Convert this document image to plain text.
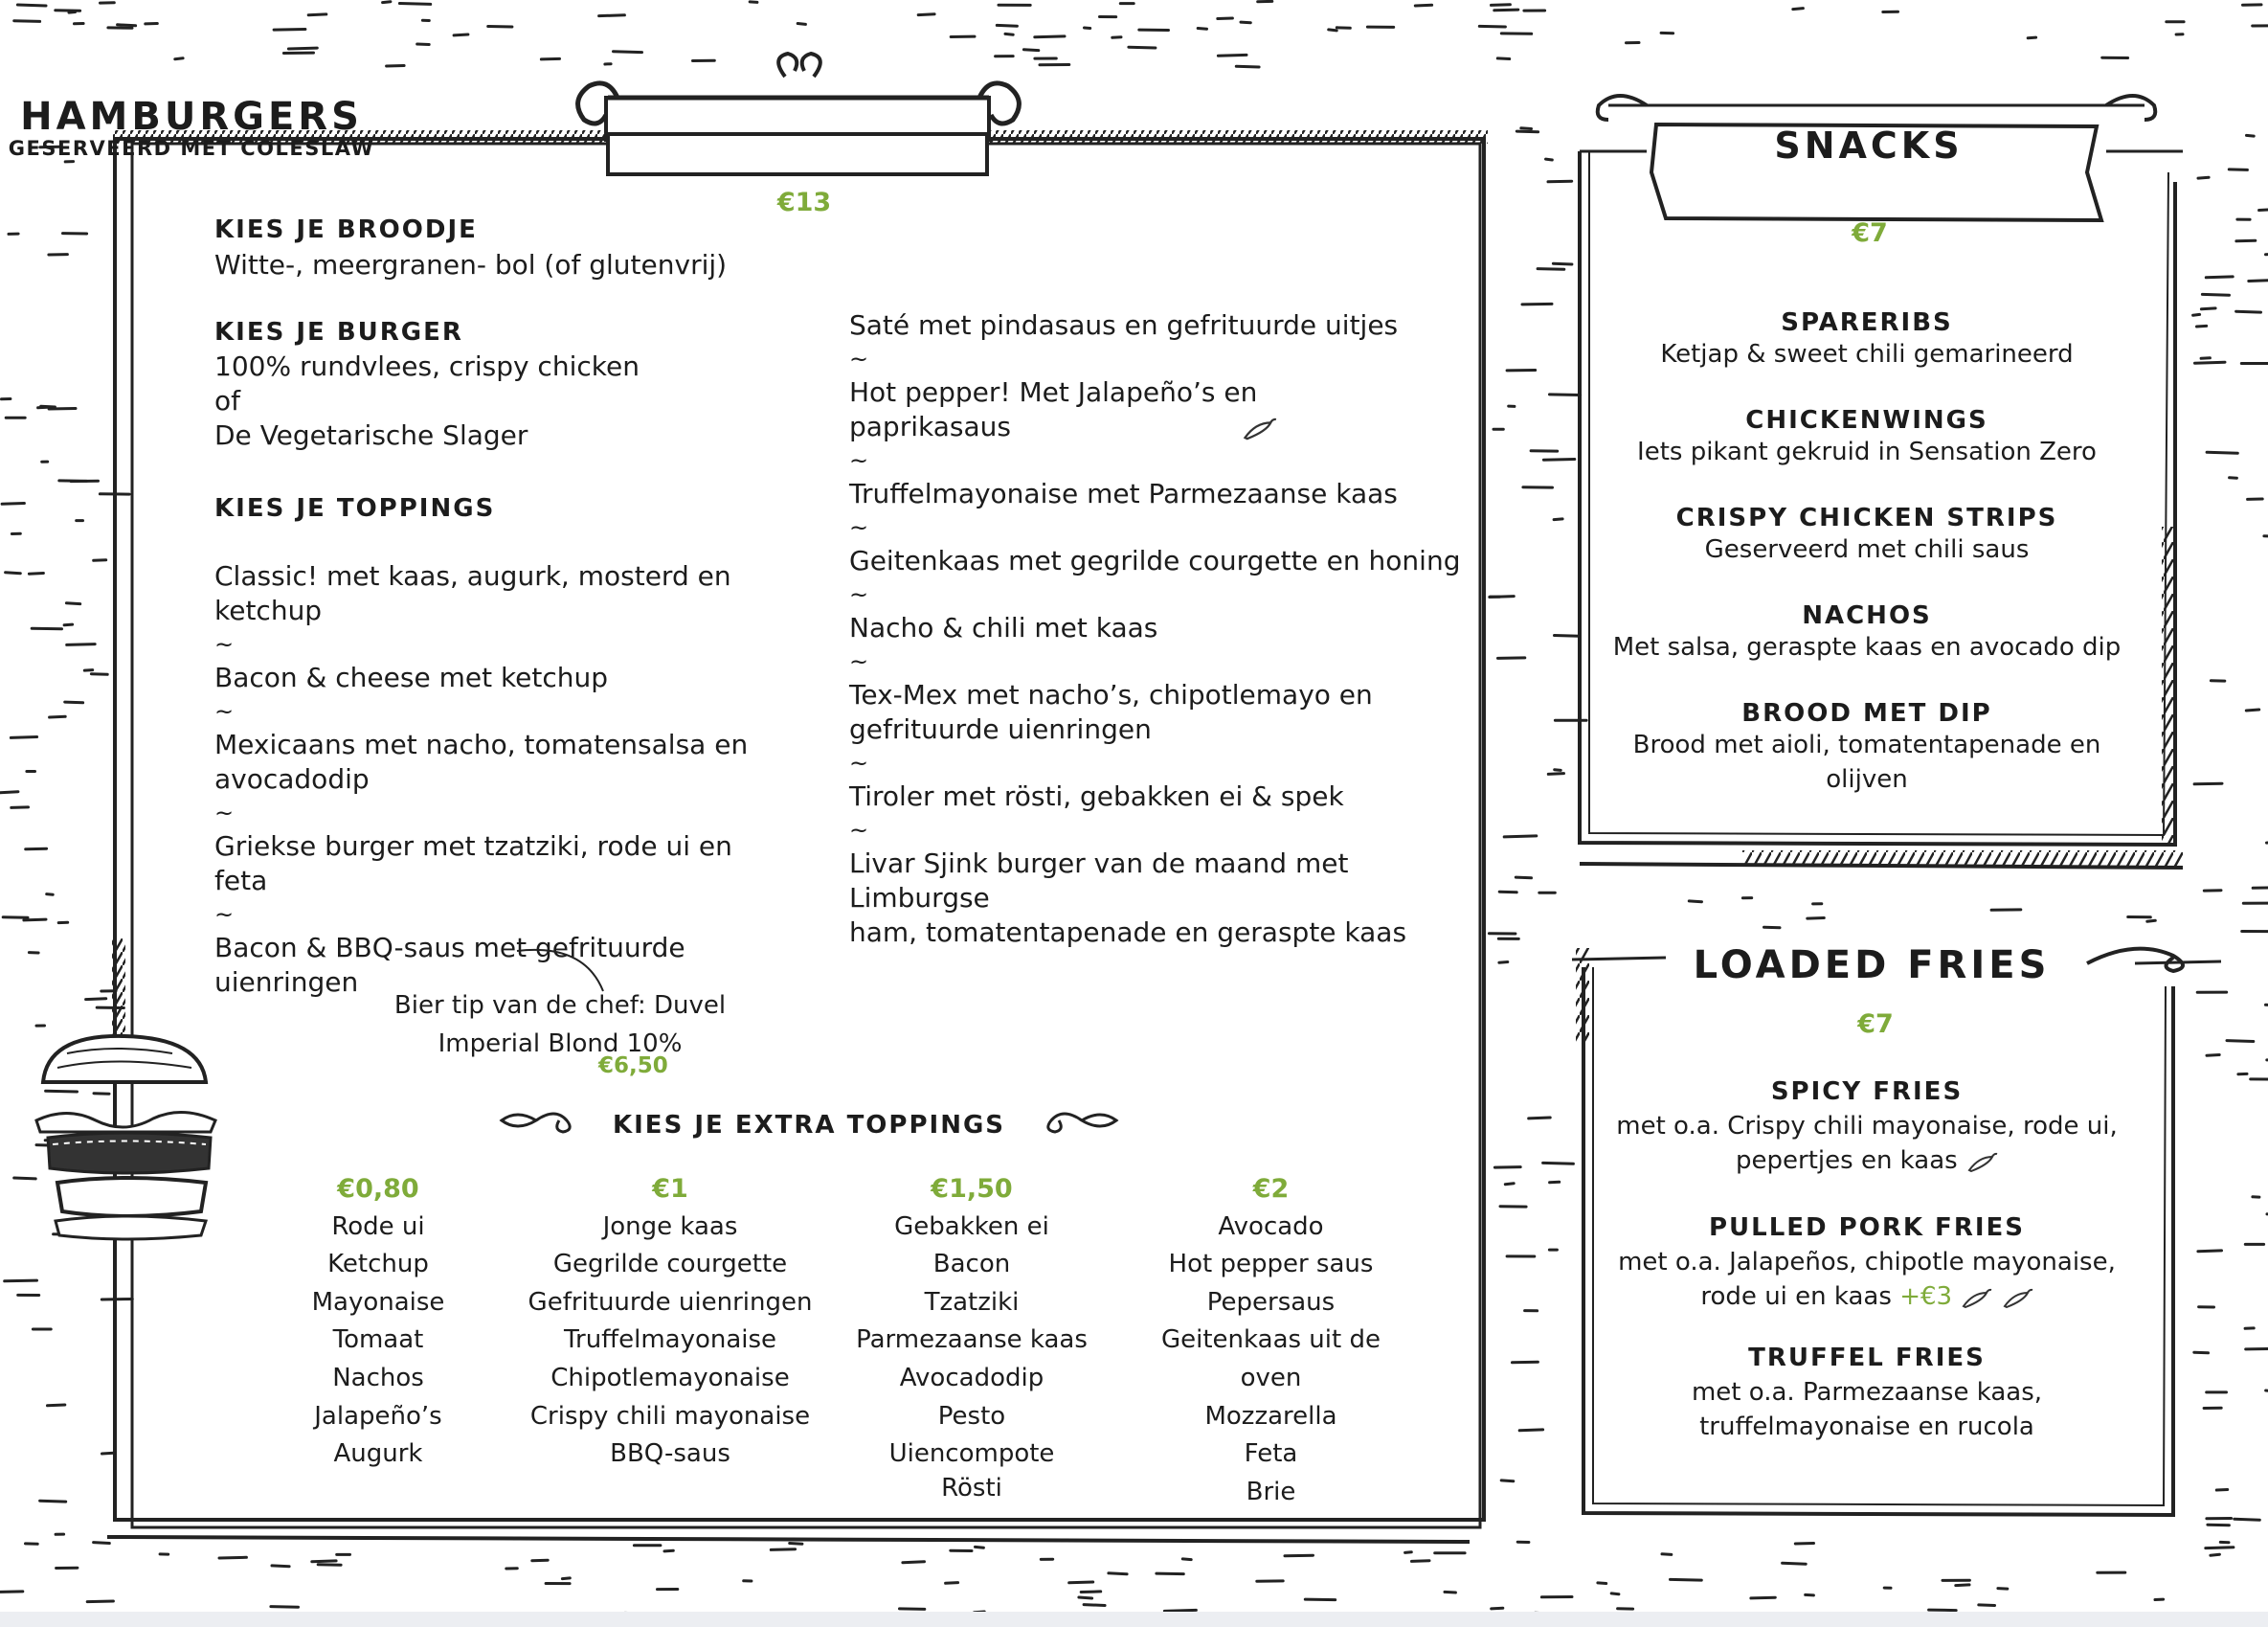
HAMBURGERS
GESERVEERD MET COLESLAW
€13
KIES JE BROODJE
Witte-, meergranen- bol (of glutenvrij)
KIES JE BURGER
100% rundvlees, crispy chicken
of
De Vegetarische Slager
KIES JE TOPPINGS
Classic! met kaas, augurk, mosterd en
ketchup
~
Bacon & cheese met ketchup
~
Mexicaans met nacho, tomatensalsa en
avocadodip
~
Griekse burger met tzatziki, rode ui en feta
~
Bacon & BBQ-saus met gefrituurde
uienringen
Bier tip van de chef: Duvel
Imperial Blond 10%
€6,50
Saté met pindasaus en gefrituurde uitjes
~
Hot pepper! Met Jalapeño’s en
paprikasaus
~
Truffelmayonaise met Parmezaanse kaas
~
Geitenkaas met gegrilde courgette en honing
~
Nacho & chili met kaas
~
Tex-Mex met nacho’s, chipotlemayo en
gefrituurde uienringen
~
Tiroler met rösti, gebakken ei & spek
~
Livar Sjink burger van de maand met Limburgse
ham, tomatentapenade en geraspte kaas
KIES JE EXTRA TOPPINGS
€0,80
Rode ui
Ketchup
Mayonaise
Tomaat
Nachos
Jalapeño’s
Augurk
€1
Jonge kaas
Gegrilde courgette
Gefrituurde uienringen
Truffelmayonaise
Chipotlemayonaise
Crispy chili mayonaise
BBQ-saus
€1,50
Gebakken ei
Bacon
Tzatziki
Parmezaanse kaas
Avocadodip
Pesto
Uiencompote
Rösti
€2
Avocado
Hot pepper saus
Pepersaus
Geitenkaas uit de oven
Mozzarella
Feta
Brie
SNACKS
€7
SPARERIBS
Ketjap & sweet chili gemarineerd
CHICKENWINGS
Iets pikant gekruid in Sensation Zero
CRISPY CHICKEN STRIPS
Geserveerd met chili saus
NACHOS
Met salsa, geraspte kaas en avocado dip
BROOD MET DIP
Brood met aioli, tomatentapenade en olijven
LOADED FRIES
€7
SPICY FRIES
met o.a. Crispy chili mayonaise, rode ui,
pepertjes en kaas
PULLED PORK FRIES
met o.a. Jalapeños, chipotle mayonaise,
rode ui en kaas +€3
TRUFFEL FRIES
met o.a. Parmezaanse kaas,
truffelmayonaise en rucola
